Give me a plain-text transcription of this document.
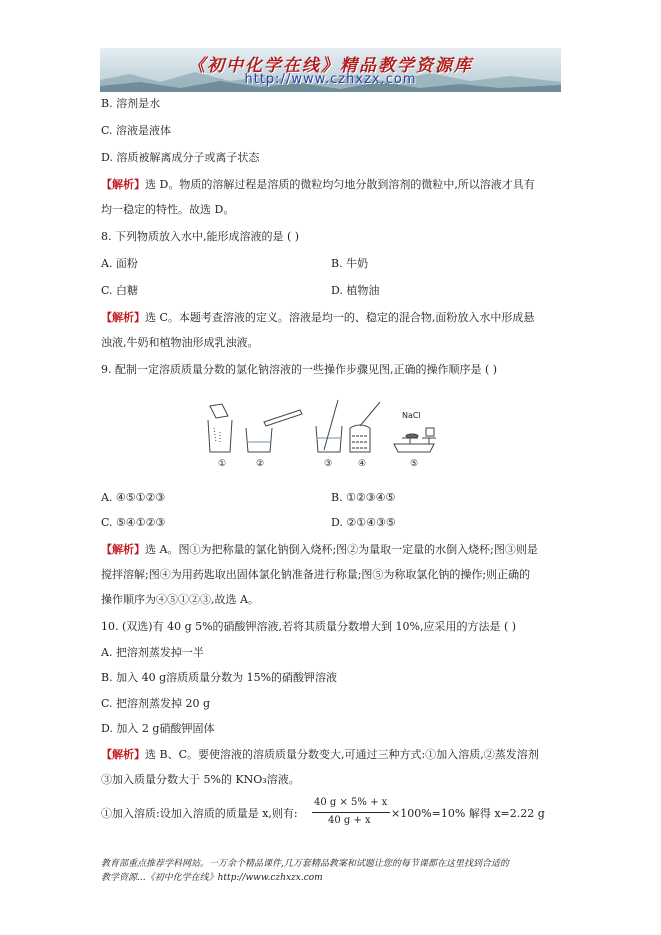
《初中化学在线》精品教学资源库
http://www.czhxzx.com
B. 溶剂是水
C. 溶液是液体
D. 溶质被解离成分子或离子状态
【解析】选 D。物质的溶解过程是溶质的微粒均匀地分散到溶剂的微粒中,所以溶液才具有
均一稳定的特性。故选 D。
8. 下列物质放入水中,能形成溶液的是 ( )
A. 面粉	B. 牛奶
C. 白糖	D. 植物油
【解析】选 C。本题考查溶液的定义。溶液是均一的、稳定的混合物,面粉放入水中形成悬
浊液,牛奶和植物油形成乳浊液。
9. 配制一定溶质质量分数的氯化钠溶液的一些操作步骤见图,正确的操作顺序是 ( )
NaCl
①	②	③	④	⑤
A. ④⑤①②③	B. ①②③④⑤
C. ⑤④①②③	D. ②①④③⑤
【解析】选 A。图①为把称量的氯化钠倒入烧杯;图②为量取一定量的水倒入烧杯;图③则是
搅拌溶解;图④为用药匙取出固体氯化钠准备进行称量;图⑤为称取氯化钠的操作;则正确的
操作顺序为④⑤①②③,故选 A。
10. (双选)有 40 g 5%的硝酸钾溶液,若将其质量分数增大到 10%,应采用的方法是 ( )
A. 把溶剂蒸发掉一半
B. 加入 40 g溶质质量分数为 15%的硝酸钾溶液
C. 把溶剂蒸发掉 20 g
D. 加入 2 g硝酸钾固体
【解析】选 B、C。要使溶液的溶质质量分数变大,可通过三种方式:①加入溶质,②蒸发溶剂
③加入质量分数大于 5%的 KNO₃溶液。
①加入溶质:设加入溶质的质量是 x,则有:
40 g × 5% + x
40 g + x
×100%=10% 解得 x=2.22 g
教育部重点推荐学科网站。一万余个精品课件,几万套精品教案和试题让您的每节课都在这里找到合适的
教学资源...《初中化学在线》http://www.czhxzx.com
